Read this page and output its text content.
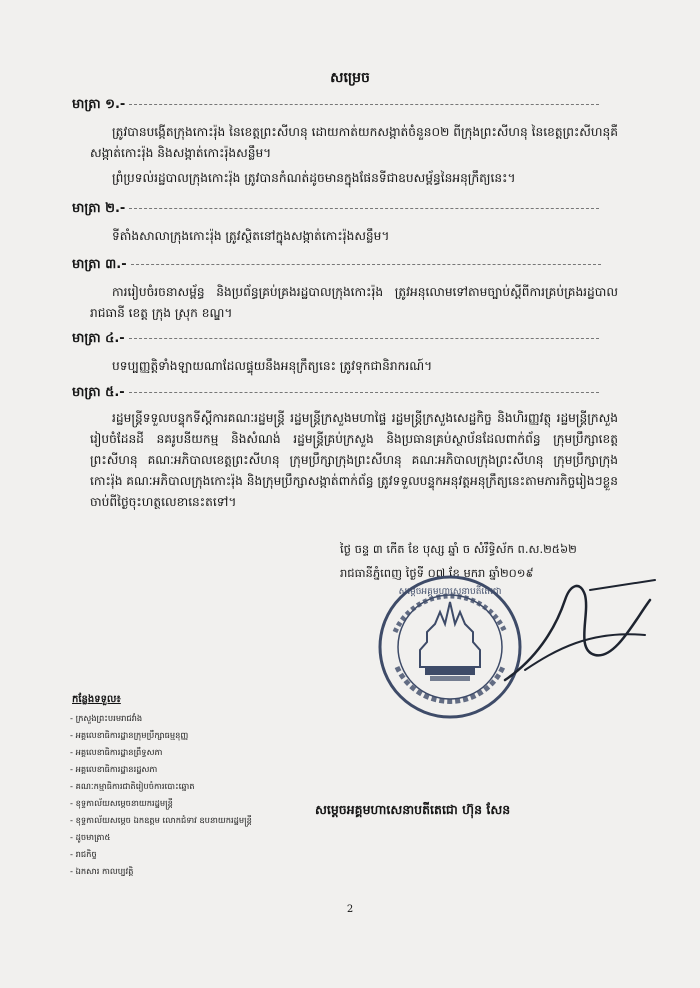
សម្រេច
មាត្រា ១.-
ត្រូវបានបង្កើតក្រុងកោះរ៉ុង នៃខេត្តព្រះសីហនុ ដោយកាត់យកសង្កាត់ចំនួន០២ ពីក្រុងព្រះសីហនុ នៃខេត្តព្រះសីហនុគឺ សង្កាត់កោះរ៉ុង និងសង្កាត់កោះរ៉ុងសន្លឹម។
ព្រំប្រទល់រដ្ឋបាលក្រុងកោះរ៉ុង ត្រូវបានកំណត់ដូចមានក្នុងផែនទីជាឧបសម្ព័ន្ធនៃអនុក្រឹត្យនេះ។
មាត្រា ២.-
ទីតាំងសាលាក្រុងកោះរ៉ុង ត្រូវស្ថិតនៅក្នុងសង្កាត់កោះរ៉ុងសន្លឹម។
មាត្រា ៣.-
ការរៀបចំរចនាសម្ព័ន្ធ និងប្រព័ន្ធគ្រប់គ្រងរដ្ឋបាលក្រុងកោះរ៉ុង ត្រូវអនុលោមទៅតាមច្បាប់ស្តីពីការគ្រប់គ្រងរដ្ឋបាលរាជធានី ខេត្ត ក្រុង ស្រុក ខណ្ឌ។
មាត្រា ៤.-
បទប្បញ្ញត្តិទាំងឡាយណាដែលផ្ទុយនឹងអនុក្រឹត្យនេះ ត្រូវទុកជានិរាករណ៍។
មាត្រា ៥.-
រដ្ឋមន្ត្រីទទួលបន្ទុកទីស្តីការគណៈរដ្ឋមន្ត្រី រដ្ឋមន្ត្រីក្រសួងមហាផ្ទៃ រដ្ឋមន្ត្រីក្រសួងសេដ្ឋកិច្ច និងហិរញ្ញវត្ថុ រដ្ឋមន្ត្រីក្រសួងរៀបចំដែនដី នគរូបនីយកម្ម និងសំណង់ រដ្ឋមន្ត្រីគ្រប់ក្រសួង និងប្រធានគ្រប់ស្ថាប័នដែលពាក់ព័ន្ធ ក្រុមប្រឹក្សាខេត្តព្រះសីហនុ គណៈអភិបាលខេត្តព្រះសីហនុ ក្រុមប្រឹក្សាក្រុងព្រះសីហនុ គណៈអភិបាលក្រុងព្រះសីហនុ ក្រុមប្រឹក្សាក្រុងកោះរ៉ុង គណៈអភិបាលក្រុងកោះរ៉ុង និងក្រុមប្រឹក្សាសង្កាត់ពាក់ព័ន្ធ ត្រូវទទួលបន្ទុកអនុវត្តអនុក្រឹត្យនេះតាមភារកិច្ចរៀងៗខ្លួន ចាប់ពីថ្ងៃចុះហត្ថលេខានេះតទៅ។
ថ្ងៃ ចន្ទ ៣ កើត ខែ បុស្ស ឆ្នាំ ច សំរឹទ្ធិស័ក ព.ស.២៥៦២
រាជធានីភ្នំពេញ ថ្ងៃទី ០៧ ខែ មករា ឆ្នាំ២០១៩
សម្តេចអគ្គមហាសេនាបតីតេជោ
កន្លែងទទួល៖
- ក្រសួងព្រះបរមរាជវាំង
- អគ្គលេខាធិការដ្ឋានក្រុមប្រឹក្សាធម្មនុញ្ញ
- អគ្គលេខាធិការដ្ឋានព្រឹទ្ធសភា
- អគ្គលេខាធិការដ្ឋានរដ្ឋសភា
- គណៈកម្មាធិការជាតិរៀបចំការបោះឆ្នោត
- ខុទ្ទកាល័យសម្តេចនាយករដ្ឋមន្ត្រី
- ខុទ្ទកាល័យសម្តេច ឯកឧត្តម លោកជំទាវ ឧបនាយករដ្ឋមន្ត្រី
- ដូចមាត្រា៥
- រាជកិច្ច
- ឯកសារ កាលប្បវត្តិ
សម្តេចអគ្គមហាសេនាបតីតេជោ ហ៊ុន សែន
2
